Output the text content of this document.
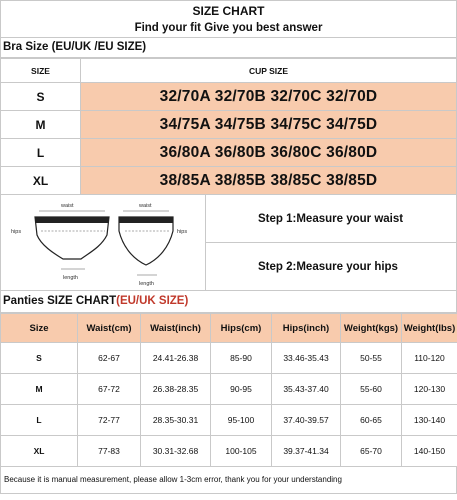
SIZE CHART
Find your fit Give you best answer
Bra Size (EU/UK /EU SIZE)
SIZE	CUP SIZE
S	32/70A 32/70B 32/70C 32/70D
M	34/75A 34/75B 34/75C 34/75D
L	36/80A 36/80B 36/80C 36/80D
XL	38/85A 38/85B 38/85C 38/85D
waist	waist
hips	hips
length
length
Step 1:Measure your waist
Step 2:Measure your hips
Panties SIZE CHART(EU/UK SIZE)
Size	Waist(cm)	Waist(inch)	Hips(cm)	Hips(inch)	Weight(kgs)	Weight(lbs)
S	62-67	24.41-26.38	85-90	33.46-35.43	50-55	110-120
M	67-72	26.38-28.35	90-95	35.43-37.40	55-60	120-130
L	72-77	28.35-30.31	95-100	37.40-39.57	60-65	130-140
XL	77-83	30.31-32.68	100-105	39.37-41.34	65-70	140-150
Because it is manual measurement, please allow 1-3cm error, thank you for your understanding
